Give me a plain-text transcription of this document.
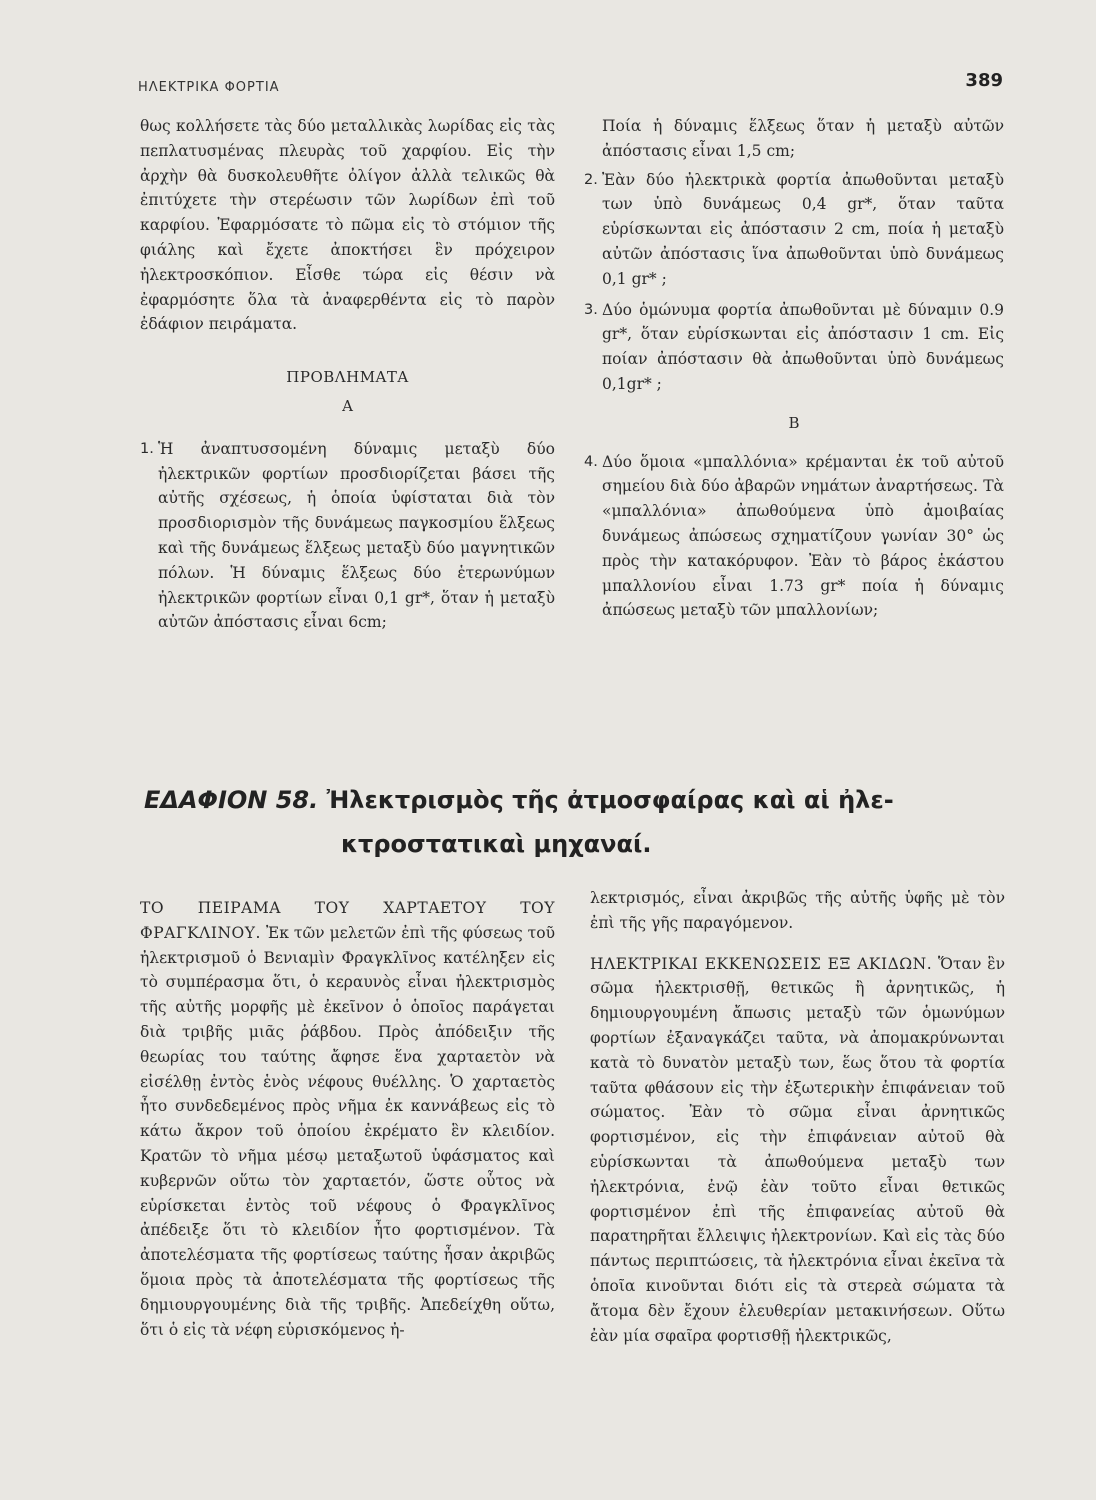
ΗΛΕΚΤΡΙΚΑ ΦΟΡΤΙΑ	389

θως κολλήσετε τὰς δύο μεταλλικὰς λωρίδας εἰς τὰς πεπλατυσμένας πλευρὰς τοῦ χαρφίου. Εἰς τὴν ἀρχὴν θὰ δυσκολευθῆτε ὀλίγον ἀλλὰ τελικῶς θὰ ἐπιτύχετε τὴν στερέωσιν τῶν λωρίδων ἐπὶ τοῦ καρφίου. Ἐφαρμόσατε τὸ πῶμα εἰς τὸ στόμιον τῆς φιάλης καὶ ἔχετε ἀποκτήσει ἓν πρόχειρον ἠλεκτροσκόπιον. Εἶσθε τώρα εἰς θέσιν νὰ ἐφαρμόσητε ὅλα τὰ ἀναφερθέντα εἰς τὸ παρὸν ἐδάφιον πειράματα.

ΠΡΟΒΛΗΜΑΤΑ
Α
1. Ἡ ἀναπτυσσομένη δύναμις μεταξὺ δύο ἠλεκτρικῶν φορτίων προσδιορίζεται βάσει τῆς αὐτῆς σχέσεως, ἡ ὁποία ὑφίσταται διὰ τὸν προσδιορισμὸν τῆς δυνάμεως παγκοσμίου ἕλξεως καὶ τῆς δυνάμεως ἕλξεως μεταξὺ δύο μαγνητικῶν πόλων. Ἡ δύναμις ἕλξεως δύο ἑτερωνύμων ἠλεκτρικῶν φορτίων εἶναι 0,1 gr*, ὅταν ἡ μεταξὺ αὐτῶν ἀπόστασις εἶναι 6cm;
Ποία ἡ δύναμις ἕλξεως ὅταν ἡ μεταξὺ αὐτῶν ἀπόστασις εἶναι 1,5 cm;
2. Ἐὰν δύο ἠλεκτρικὰ φορτία ἀπωθοῦνται μεταξὺ των ὑπὸ δυνάμεως 0,4 gr*, ὅταν ταῦτα εὑρίσκωνται εἰς ἀπόστασιν 2 cm, ποία ἡ μεταξὺ αὐτῶν ἀπόστασις ἵνα ἀπωθοῦνται ὑπὸ δυνάμεως 0,1 gr* ;
3. Δύο ὁμώνυμα φορτία ἀπωθοῦνται μὲ δύναμιν 0.9 gr*, ὅταν εὑρίσκωνται εἰς ἀπόστασιν 1 cm. Εἰς ποίαν ἀπόστασιν θὰ ἀπωθοῦνται ὑπὸ δυνάμεως 0,1gr* ;
Β
4. Δύο ὅμοια «μπαλλόνια» κρέμανται ἐκ τοῦ αὐτοῦ σημείου διὰ δύο ἀβαρῶν νημάτων ἀναρτήσεως. Τὰ «μπαλλόνια» ἀπωθούμενα ὑπὸ ἀμοιβαίας δυνάμεως ἀπώσεως σχηματίζουν γωνίαν 30° ὡς πρὸς τὴν κατακόρυφον. Ἐὰν τὸ βάρος ἑκάστου μπαλλονίου εἶναι 1.73 gr* ποία ἡ δύναμις ἀπώσεως μεταξὺ τῶν μπαλλονίων;
ΕΔΑΦΙΟΝ 58. Ἠλεκτρισμὸς τῆς ἀτμοσφαίρας καὶ αἱ ἠλε-
κτροστατικαὶ μηχαναί.

ΤΟ ΠΕΙΡΑΜΑ ΤΟΥ ΧΑΡΤΑΕΤΟΥ ΤΟΥ ΦΡΑΓΚΛΙΝΟΥ. Ἐκ τῶν μελετῶν ἐπὶ τῆς φύσεως τοῦ ἠλεκτρισμοῦ ὁ Βενιαμὶν Φραγκλῖνος κατέληξεν εἰς τὸ συμπέρασμα ὅτι, ὁ κεραυνὸς εἶναι ἠλεκτρισμὸς τῆς αὐτῆς μορφῆς μὲ ἐκεῖνον ὁ ὁποῖος παράγεται διὰ τριβῆς μιᾶς ῥάβδου. Πρὸς ἀπόδειξιν τῆς θεωρίας του ταύτης ἄφησε ἕνα χαρταετὸν νὰ εἰσέλθῃ ἐντὸς ἑνὸς νέφους θυέλλης. Ὁ χαρταετὸς ἦτο συνδεδεμένος πρὸς νῆμα ἐκ καννάβεως εἰς τὸ κάτω ἄκρον τοῦ ὁποίου ἐκρέματο ἓν κλειδίον. Κρατῶν τὸ νῆμα μέσῳ μεταξωτοῦ ὑφάσματος καὶ κυβερνῶν οὕτω τὸν χαρταετόν, ὥστε οὗτος νὰ εὑρίσκεται ἐντὸς τοῦ νέφους ὁ Φραγκλῖνος ἀπέδειξε ὅτι τὸ κλειδίον ἦτο φορτισμένον. Τὰ ἀποτελέσματα τῆς φορτίσεως ταύτης ἦσαν ἀκριβῶς ὅμοια πρὸς τὰ ἀποτελέσματα τῆς φορτίσεως τῆς δημιουργουμένης διὰ τῆς τριβῆς. Ἀπεδείχθη οὕτω, ὅτι ὁ εἰς τὰ νέφη εὑρισκόμενος ἠ-

λεκτρισμός, εἶναι ἀκριβῶς τῆς αὐτῆς ὑφῆς μὲ τὸν ἐπὶ τῆς γῆς παραγόμενον.

ΗΛΕΚΤΡΙΚΑΙ ΕΚΚΕΝΩΣΕΙΣ ΕΞ ΑΚΙΔΩΝ. Ὅταν ἓν σῶμα ἠλεκτρισθῇ, θετικῶς ἢ ἀρνητικῶς, ἡ δημιουργουμένη ἄπωσις μεταξὺ τῶν ὁμωνύμων φορτίων ἐξαναγκάζει ταῦτα, νὰ ἀπομακρύνωνται κατὰ τὸ δυνατὸν μεταξὺ των, ἕως ὅτου τὰ φορτία ταῦτα φθάσουν εἰς τὴν ἐξωτερικὴν ἐπιφάνειαν τοῦ σώματος. Ἐὰν τὸ σῶμα εἶναι ἀρνητικῶς φορτισμένον, εἰς τὴν ἐπιφάνειαν αὐτοῦ θὰ εὑρίσκωνται τὰ ἀπωθούμενα μεταξὺ των ἠλεκτρόνια, ἐνῷ ἐὰν τοῦτο εἶναι θετικῶς φορτισμένον ἐπὶ τῆς ἐπιφανείας αὐτοῦ θὰ παρατηρῆται ἔλλειψις ἠλεκτρονίων. Καὶ εἰς τὰς δύο πάντως περιπτώσεις, τὰ ἠλεκτρόνια εἶναι ἐκεῖνα τὰ ὁποῖα κινοῦνται διότι εἰς τὰ στερεὰ σώματα τὰ ἄτομα δὲν ἔχουν ἐλευθερίαν μετακινήσεων. Οὕτω ἐὰν μία σφαῖρα φορτισθῇ ἠλεκτρικῶς,
